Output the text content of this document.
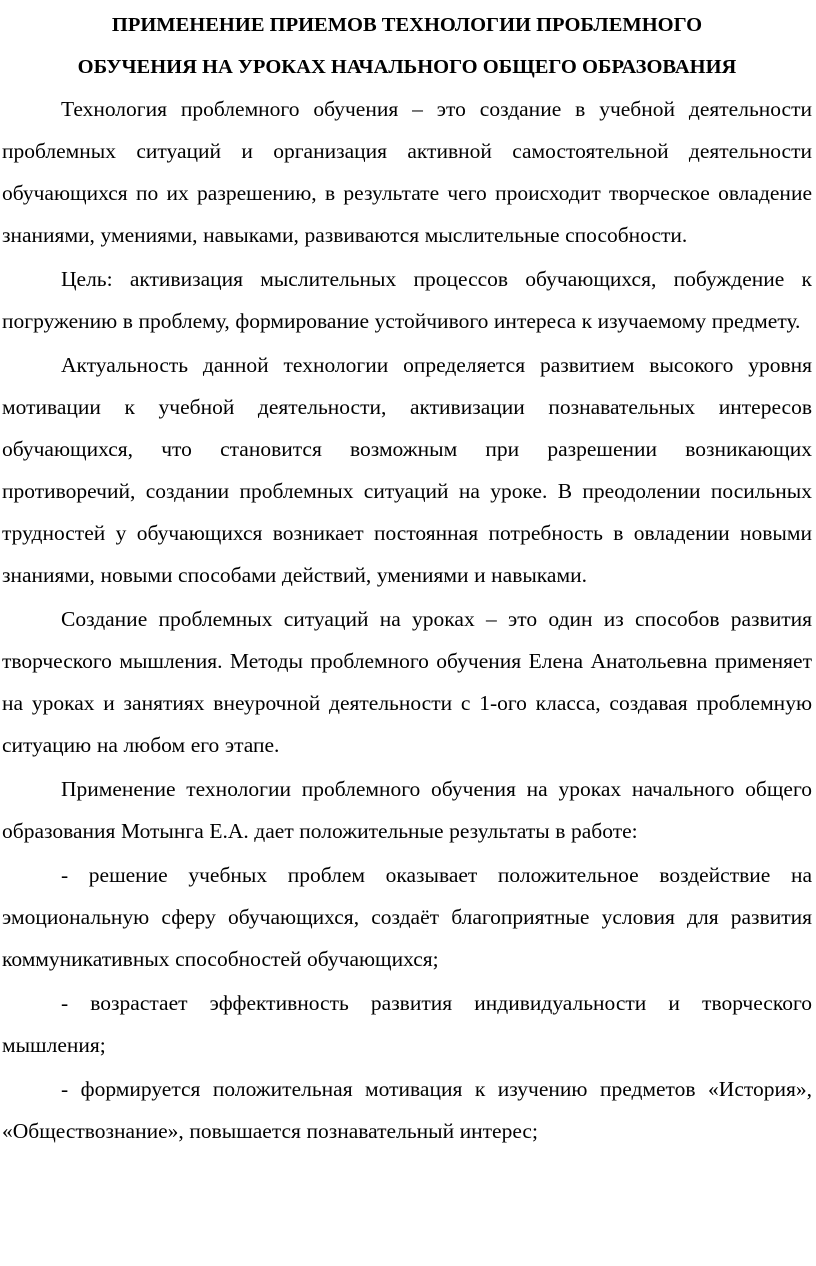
ПРИМЕНЕНИЕ ПРИЕМОВ ТЕХНОЛОГИИ ПРОБЛЕМНОГО
ОБУЧЕНИЯ НА УРОКАХ НАЧАЛЬНОГО ОБЩЕГО ОБРАЗОВАНИЯ

Технология проблемного обучения – это создание в учебной деятельности проблемных ситуаций и организация активной самостоятельной деятельности обучающихся по их разрешению, в результате чего происходит творческое овладение знаниями, умениями, навыками, развиваются мыслительные способности.

Цель: активизация мыслительных процессов обучающихся, побуждение к погружению в проблему, формирование устойчивого интереса к изучаемому предмету.

Актуальность данной технологии определяется развитием высокого уровня мотивации к учебной деятельности, активизации познавательных интересов обучающихся, что становится возможным при разрешении возникающих противоречий, создании проблемных ситуаций на уроке. В преодолении посильных трудностей у обучающихся возникает постоянная потребность в овладении новыми знаниями, новыми способами действий, умениями и навыками.

Создание проблемных ситуаций на уроках – это один из способов развития творческого мышления. Методы проблемного обучения Елена Анатольевна применяет на уроках и занятиях внеурочной деятельности с 1-ого класса, создавая проблемную ситуацию на любом его этапе.

Применение технологии проблемного обучения на уроках начального общего образования Мотынга Е.А. дает положительные результаты в работе:

- решение учебных проблем оказывает положительное воздействие на эмоциональную сферу обучающихся, создаёт благоприятные условия для развития коммуникативных способностей обучающихся;

- возрастает эффективность развития индивидуальности и творческого мышления;

- формируется положительная мотивация к изучению предметов «История», «Обществознание», повышается познавательный интерес;
